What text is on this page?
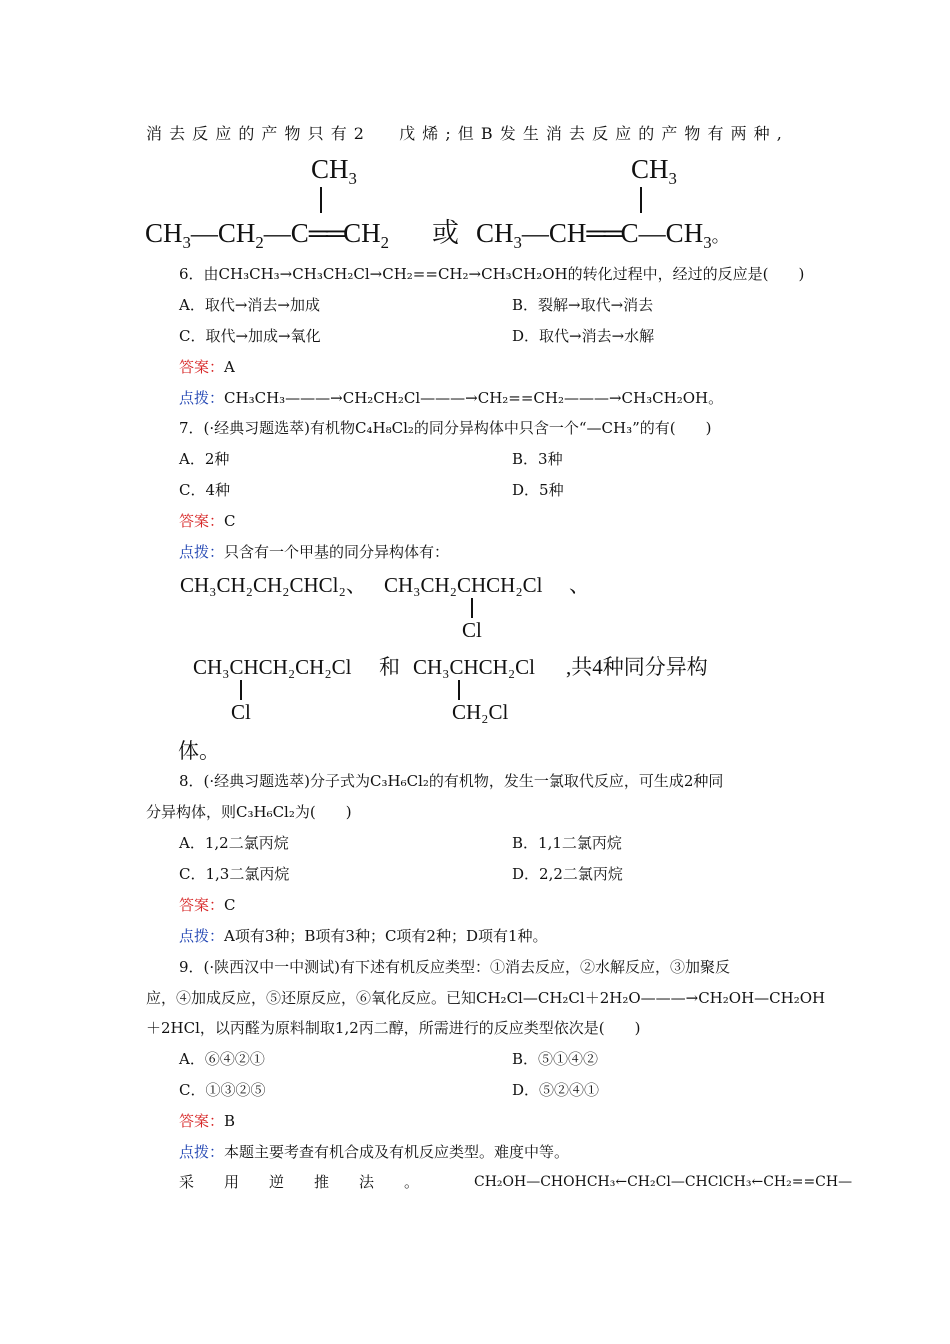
消 去 反 应 的 产 物 只 有 2 戊 烯 ; 但 B 发 生 消 去 反 应 的 产 物 有 两 种 ,
$CH_3$
$CH_3—CH_2—C══CH_2$ 或
$CH_3$
$CH_3—CH══C—CH_3$。
6．由CH₃CH₃→CH₃CH₂Cl→CH₂==CH₂→CH₃CH₂OH的转化过程中，经过的反应是(　　)
A．取代→消去→加成	B．裂解→取代→消去
C．取代→加成→氧化	D．取代→消去→水解
答案：A
点拨：CH₃CH₃———→CH₂CH₂Cl———→CH₂==CH₂———→CH₃CH₂OH。
7．(·经典习题选萃)有机物C₄H₈Cl₂的同分异构体中只含一个“—CH₃”的有(　　)
A．2种	B．3种
C．4种	D．5种
答案：C
点拨：只含有一个甲基的同分异构体有：
CH₃CH₂CH₂CHCl₂、 CH₃CH₂CHCH₂Cl
Cl
、
CH₃CHCH₂CH₂Cl
Cl
和 CH₃CHCH₂Cl
CH₂Cl
,共4种同分异构
体。
8．(·经典习题选萃)分子式为C₃H₆Cl₂的有机物，发生一氯取代反应，可生成2种同
分异构体，则C₃H₆Cl₂为(　　)
A．1,2二氯丙烷	B．1,1二氯丙烷
C．1,3二氯丙烷	D．2,2二氯丙烷
答案：C
点拨：A项有3种；B项有3种；C项有2种；D项有1种。
9．(·陕西汉中一中测试)有下述有机反应类型：①消去反应，②水解反应，③加聚反
应，④加成反应，⑤还原反应，⑥氧化反应。已知CH₂Cl—CH₂Cl＋2H₂O———→CH₂OH—CH₂OH
＋2HCl，以丙醛为原料制取1,2丙二醇，所需进行的反应类型依次是(　　)
A．⑥④②①	B．⑤①④②
C．①③②⑤	D．⑤②④①
答案：B
点拨：本题主要考查有机合成及有机反应类型。难度中等。
采　　用　　逆　　推　　法　　。	CH₂OH—CHOHCH₃←CH₂Cl—CHClCH₃←CH₂==CH—
